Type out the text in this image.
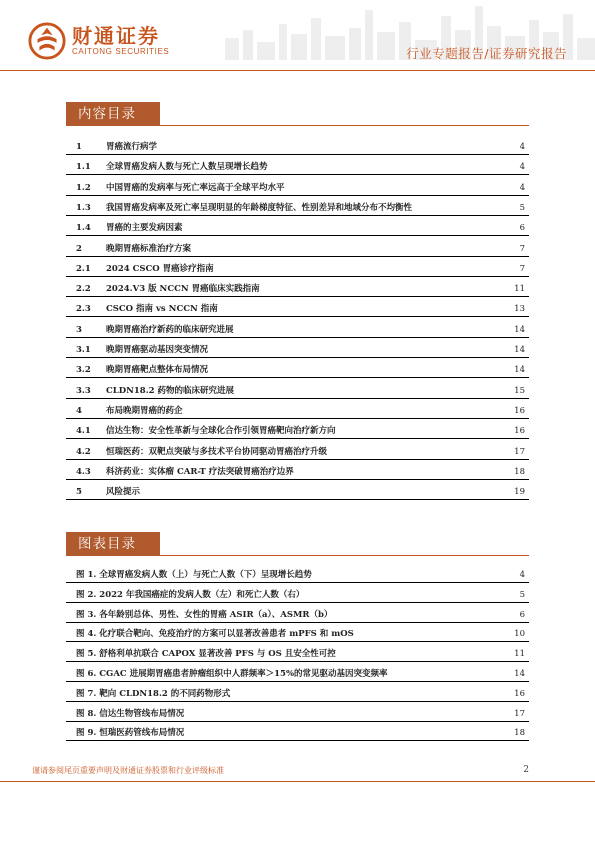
财通证券
CAITONG SECURITIES	行业专题报告/证券研究报告
内容目录
1	胃癌流行病学	4
1.1 全球胃癌发病人数与死亡人数呈现增长趋势	4
1.2 中国胃癌的发病率与死亡率远高于全球平均水平	4
1.3 我国胃癌发病率及死亡率呈现明显的年龄梯度特征、性别差异和地域分布不均衡性	5
1.4 胃癌的主要发病因素	6
2	晚期胃癌标准治疗方案	7
2.1 2024 CSCO 胃癌诊疗指南	7
2.2 2024.V3 版 NCCN 胃癌临床实践指南	11
2.3 CSCO 指南 vs NCCN 指南	13
3	晚期胃癌治疗新药的临床研究进展	14
3.1 晚期胃癌驱动基因突变情况	14
3.2 晚期胃癌靶点整体布局情况	14
3.3 CLDN18.2 药物的临床研究进展	15
4	布局晚期胃癌的药企	16
4.1 信达生物：安全性革新与全球化合作引领胃癌靶向治疗新方向	16
4.2 恒瑞医药：双靶点突破与多技术平台协同驱动胃癌治疗升级	17
4.3 科济药业：实体瘤 CAR-T 疗法突破胃癌治疗边界	18
5	风险提示	19
图表目录
图 1. 全球胃癌发病人数（上）与死亡人数（下）呈现增长趋势	4
图 2. 2022 年我国癌症的发病人数（左）和死亡人数（右）	5
图 3. 各年龄别总体、男性、女性的胃癌 ASIR（a）、ASMR（b）	6
图 4. 化疗联合靶向、免疫治疗的方案可以显著改善患者 mPFS 和 mOS	10
图 5. 舒格利单抗联合 CAPOX 显著改善 PFS 与 OS 且安全性可控	11
图 6. CGAC 进展期胃癌患者肿瘤组织中人群频率＞15%的常见驱动基因突变频率	14
图 7. 靶向 CLDN18.2 的不同药物形式	16
图 8. 信达生物管线布局情况	17
图 9. 恒瑞医药管线布局情况	18
谨请参阅尾页重要声明及财通证券股票和行业评级标准	2
